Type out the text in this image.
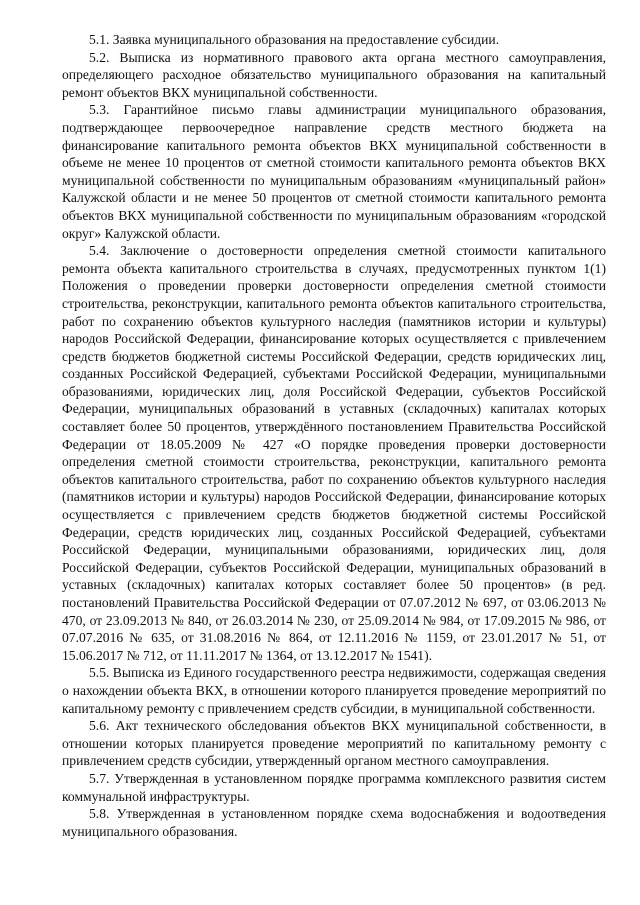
5.1. Заявка муниципального образования на предоставление субсидии.

5.2. Выписка из нормативного правового акта органа местного самоуправления, определяющего расходное обязательство муниципального образования на капитальный ремонт объектов ВКХ муниципальной собственности.

5.3. Гарантийное письмо главы администрации муниципального образования, подтверждающее первоочередное направление средств местного бюджета на финансирование капитального ремонта объектов ВКХ муниципальной собственности в объеме не менее 10 процентов от сметной стоимости капитального ремонта объектов ВКХ муниципальной собственности по муниципальным образованиям «муниципальный район» Калужской области и не менее 50 процентов от сметной стоимости капитального ремонта объектов ВКХ муниципальной собственности по муниципальным образованиям «городской округ» Калужской области.

5.4. Заключение о достоверности определения сметной стоимости капитального ремонта объекта капитального строительства в случаях, предусмотренных пунктом 1(1) Положения о проведении проверки достоверности определения сметной стоимости строительства, реконструкции, капитального ремонта объектов капитального строительства, работ по сохранению объектов культурного наследия (памятников истории и культуры) народов Российской Федерации, финансирование которых осуществляется с привлечением средств бюджетов бюджетной системы Российской Федерации, средств юридических лиц, созданных Российской Федерацией, субъектами Российской Федерации, муниципальными образованиями, юридических лиц, доля Российской Федерации, субъектов Российской Федерации, муниципальных образований в уставных (складочных) капиталах которых составляет более 50 процентов, утверждённого постановлением Правительства Российской Федерации от 18.05.2009 № 427 «О порядке проведения проверки достоверности определения сметной стоимости строительства, реконструкции, капитального ремонта объектов капитального строительства, работ по сохранению объектов культурного наследия (памятников истории и культуры) народов Российской Федерации, финансирование которых осуществляется с привлечением средств бюджетов бюджетной системы Российской Федерации, средств юридических лиц, созданных Российской Федерацией, субъектами Российской Федерации, муниципальными образованиями, юридических лиц, доля Российской Федерации, субъектов Российской Федерации, муниципальных образований в уставных (складочных) капиталах которых составляет более 50 процентов» (в ред. постановлений Правительства Российской Федерации от 07.07.2012 № 697, от 03.06.2013 № 470, от 23.09.2013 № 840, от 26.03.2014 № 230, от 25.09.2014 № 984, от 17.09.2015 № 986, от 07.07.2016 № 635, от 31.08.2016 № 864, от 12.11.2016 № 1159, от 23.01.2017 № 51, от 15.06.2017 № 712, от 11.11.2017 № 1364, от 13.12.2017 № 1541).

5.5. Выписка из Единого государственного реестра недвижимости, содержащая сведения о нахождении объекта ВКХ, в отношении которого планируется проведение мероприятий по капитальному ремонту с привлечением средств субсидии, в муниципальной собственности.

5.6. Акт технического обследования объектов ВКХ муниципальной собственности, в отношении которых планируется проведение мероприятий по капитальному ремонту с привлечением средств субсидии, утвержденный органом местного самоуправления.

5.7. Утвержденная в установленном порядке программа комплексного развития систем коммунальной инфраструктуры.

5.8. Утвержденная в установленном порядке схема водоснабжения и водоотведения муниципального образования.
